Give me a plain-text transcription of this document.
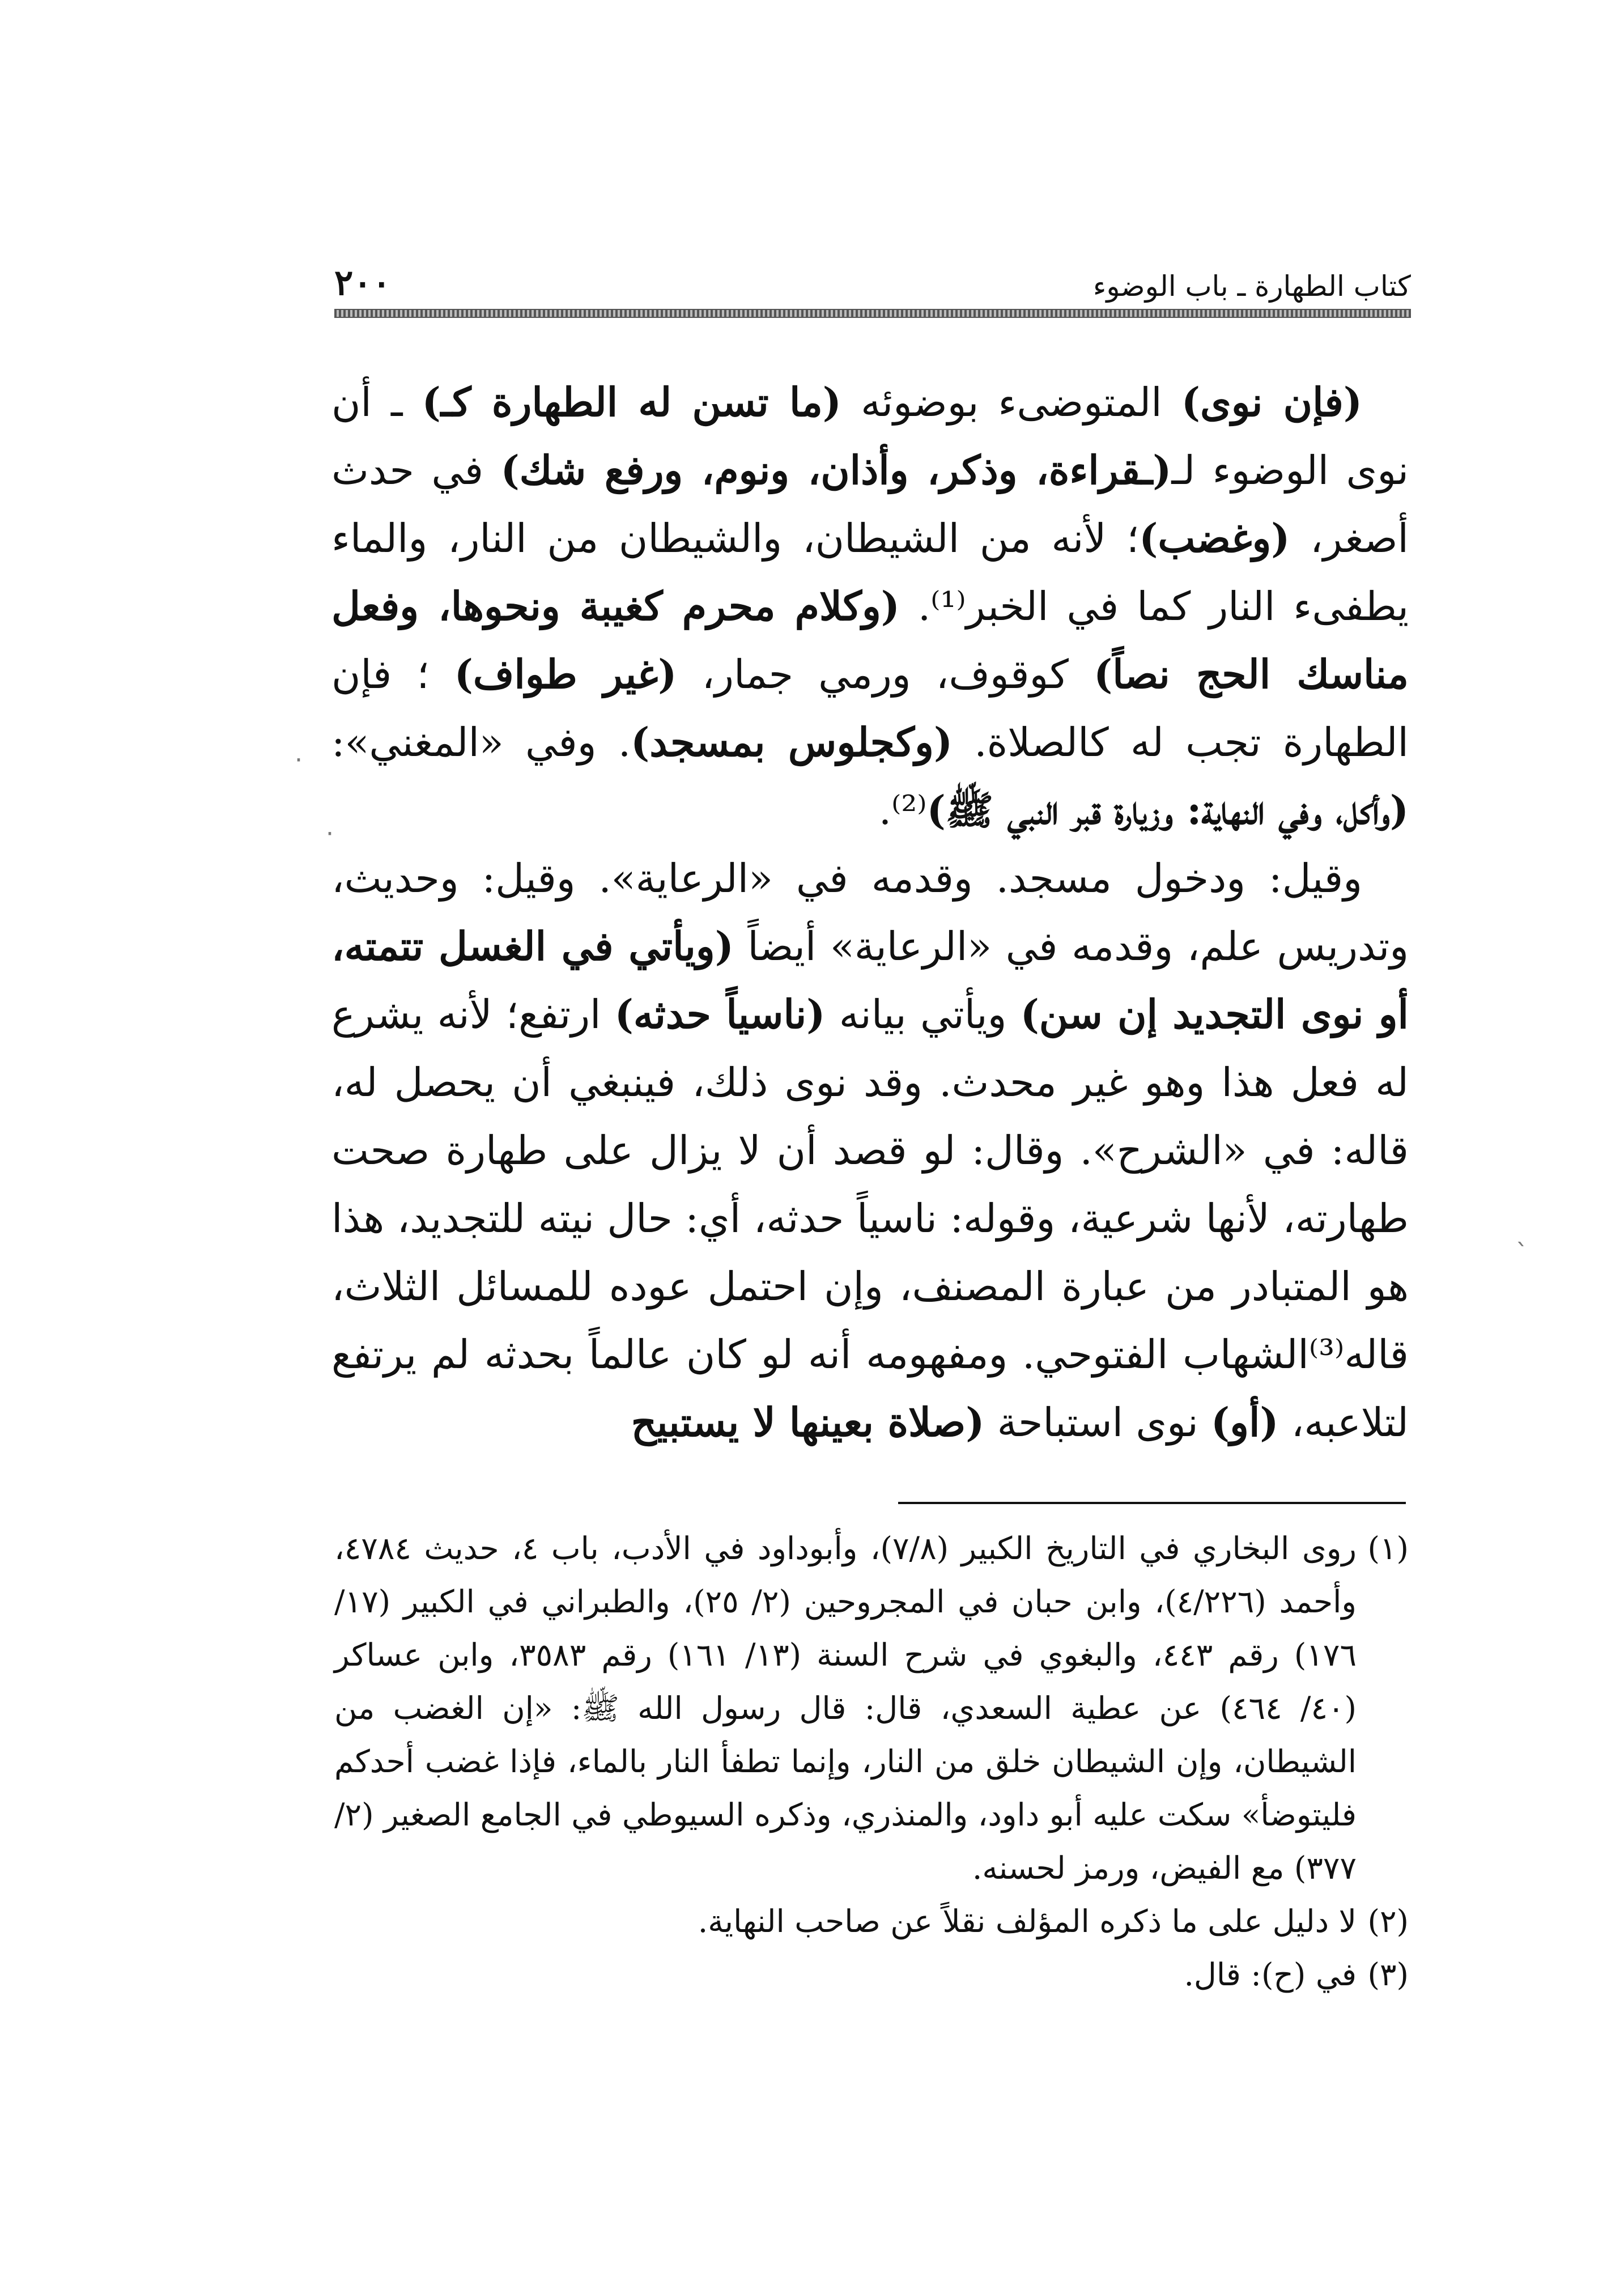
كتاب الطهارة ـ باب الوضوء
٢٠٠

(فإن نوى) المتوضىء بوضوئه (ما تسن له الطهارة كـ) ـ أن نوى الوضوء لـ(ـقراءة، وذكر، وأذان، ونوم، ورفع شك) في حدث أصغر، (وغضب)؛ لأنه من الشيطان، والشيطان من النار، والماء يطفىء النار كما في الخبر⁽¹⁾. (وكلام محرم كغيبة ونحوها، وفعل مناسك الحج نصاً) كوقوف، ورمي جمار، (غير طواف) ؛ فإن الطهارة تجب له كالصلاة. (وكجلوس بمسجد). وفي «المغني»: (وأكل، وفي النهاية: وزيارة قبر النبي ﷺ)⁽²⁾.

وقيل: ودخول مسجد. وقدمه في «الرعاية». وقيل: وحديث، وتدريس علم، وقدمه في «الرعاية» أيضاً (ويأتي في الغسل تتمته، أو نوى التجديد إن سن) ويأتي بيانه (ناسياً حدثه) ارتفع؛ لأنه يشرع له فعل هذا وهو غير محدث. وقد نوى ذلك، فينبغي أن يحصل له، قاله: في «الشرح». وقال: لو قصد أن لا يزال على طهارة صحت طهارته، لأنها شرعية، وقوله: ناسياً حدثه، أي: حال نيته للتجديد، هذا هو المتبادر من عبارة المصنف، وإن احتمل عوده للمسائل الثلاث، قاله⁽³⁾الشهاب الفتوحي. ومفهومه أنه لو كان عالماً بحدثه لم يرتفع لتلاعبه، (أو) نوى استباحة (صلاة بعينها لا يستبيح

(١)
روى البخاري في التاريخ الكبير (٧/٨)، وأبوداود في الأدب، باب ٤، حديث ٤٧٨٤، وأحمد (٤/٢٢٦)، وابن حبان في المجروحين (٢/ ٢٥)، والطبراني في الكبير (١٧/ ١٧٦) رقم ٤٤٣، والبغوي في شرح السنة (١٣/ ١٦١) رقم ٣٥٨٣، وابن عساكر (٤٠/ ٤٦٤) عن عطية السعدي، قال: قال رسول الله ﷺ: «إن الغضب من الشيطان، وإن الشيطان خلق من النار، وإنما تطفأ النار بالماء، فإذا غضب أحدكم فليتوضأ» سكت عليه أبو داود، والمنذري، وذكره السيوطي في الجامع الصغير (٢/ ٣٧٧) مع الفيض، ورمز لحسنه.
(٢)
لا دليل على ما ذكره المؤلف نقلاً عن صاحب النهاية.
(٣)
في (ح): قال.
·
·
ˋ
